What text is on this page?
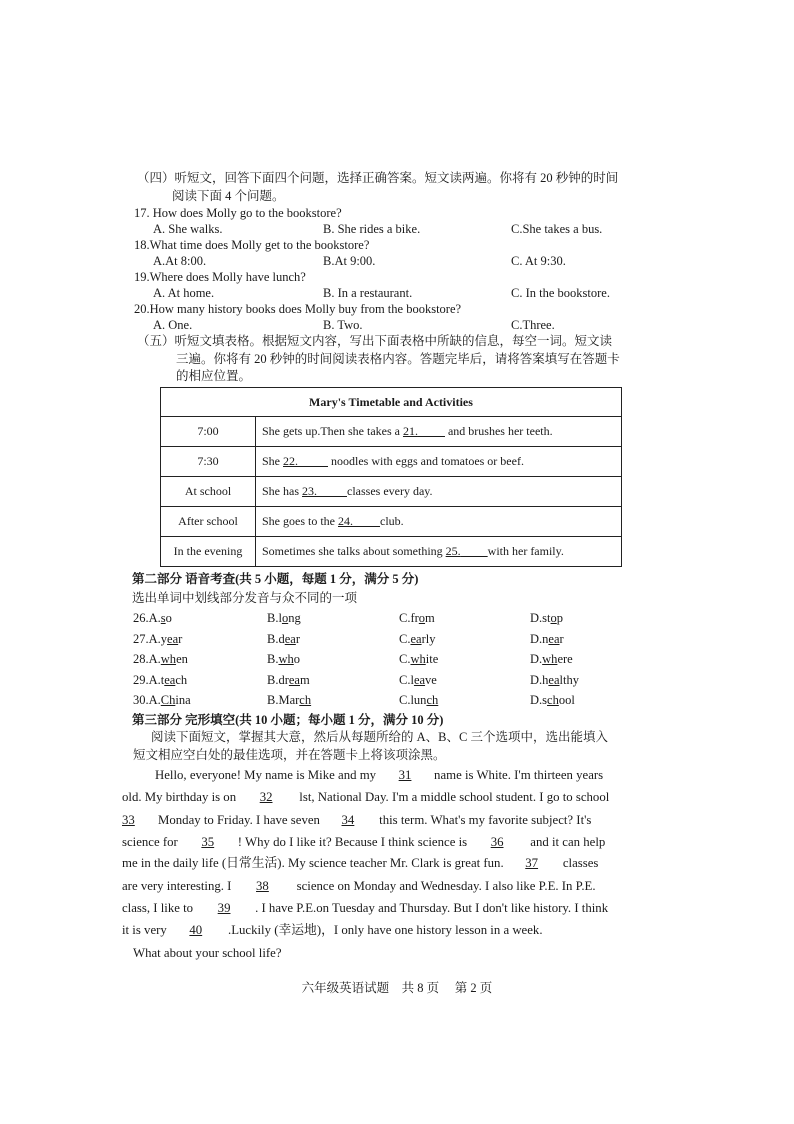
（四）听短文，回答下面四个问题，选择正确答案。短文读两遍。你将有 20 秒钟的时间
阅读下面 4 个问题。
17. How does Molly go to the bookstore?
A. She walks.	B. She rides a bike.	C.She takes a bus.
18.What time does Molly get to the bookstore?
A.At 8:00.	B.At 9:00.	C. At 9:30.
19.Where does Molly have lunch?
A. At home.	B. In a restaurant.	C. In the bookstore.
20.How many history books does Molly buy from the bookstore?
A. One.	B. Two.	C.Three.
（五）听短文填表格。根据短文内容，写出下面表格中所缺的信息，每空一词。短文读
三遍。你将有 20 秒钟的时间阅读表格内容。答题完毕后，请将答案填写在答题卡
的相应位置。
Mary's Timetable and Activities	
7:00	She gets up.Then she takes a 21.          and brushes her teeth.
7:30	She 22. noodles with eggs and tomatoes or beef.
At school	She has 23. classes every day.
After school	She goes to the 24. club.
In the evening	Sometimes she talks about something 25. with her family.
第二部分 语音考查(共 5 小题，每题 1 分，满分 5 分)
选出单词中划线部分发音与众不同的一项
26.A.so	B.long	C.from	D.stop
27.A.year	B.dear	C.early	D.near
28.A.when	B.who	C.white	D.where
29.A.teach	B.dream	C.leave	D.healthy
30.A.China	B.March	C.lunch	D.school
第三部分 完形填空(共 10 小题；每小题 1 分，满分 10 分)
阅读下面短文，掌握其大意，然后从每题所给的 A、B、C 三个选项中，选出能填入
短文相应空白处的最佳选项，并在答题卡上将该项涂黑。
Hello, everyone! My name is Mike and my 31 name is White. I'm thirteen years
old. My birthday is on 32 lst, National Day. I'm a middle school student. I go to school
33 Monday to Friday. I have seven 34 this term. What's my favorite subject? It's
science for 35 ! Why do I like it? Because I think science is 36 and it can help
me in the daily life (日常生活). My science teacher Mr. Clark is great fun. 37 classes
are very interesting. I 38 science on Monday and Wednesday. I also like P.E. In P.E.
class, I like to 39 . I have P.E.on Tuesday and Thursday. But I don't like history. I think
it is very 40 .Luckily (幸运地)，I only have one history lesson in a week.
What about your school life?
六年级英语试题　共 8 页　 第 2 页
